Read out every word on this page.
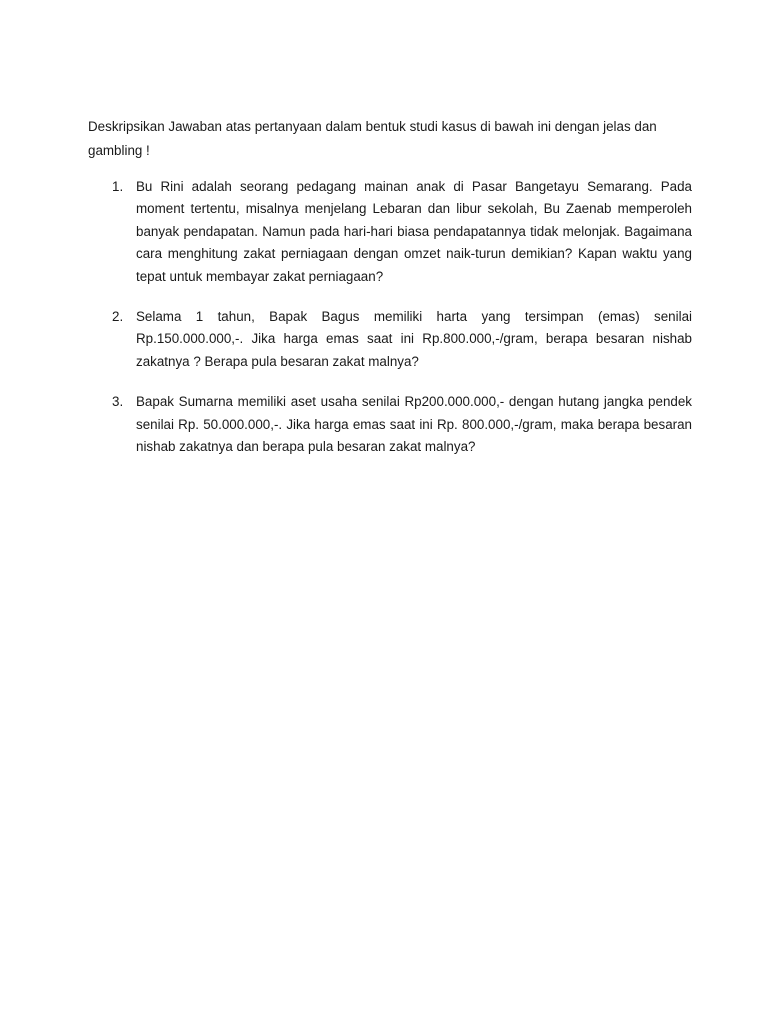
Deskripsikan Jawaban atas pertanyaan dalam bentuk studi kasus di bawah ini dengan jelas dan gambling !

1. Bu Rini adalah seorang pedagang mainan anak di Pasar Bangetayu Semarang. Pada moment tertentu, misalnya menjelang Lebaran dan libur sekolah, Bu Zaenab memperoleh banyak pendapatan. Namun pada hari-hari biasa pendapatannya tidak melonjak. Bagaimana cara menghitung zakat perniagaan dengan omzet naik-turun demikian? Kapan waktu yang tepat untuk membayar zakat perniagaan?
2. Selama 1 tahun, Bapak Bagus memiliki harta yang tersimpan (emas) senilai Rp.150.000.000,-. Jika harga emas saat ini Rp.800.000,-/gram, berapa besaran nishab zakatnya ? Berapa pula besaran zakat malnya?
3. Bapak Sumarna memiliki aset usaha senilai Rp200.000.000,- dengan hutang jangka pendek senilai Rp. 50.000.000,-. Jika harga emas saat ini Rp. 800.000,-/gram, maka berapa besaran nishab zakatnya dan berapa pula besaran zakat malnya?
